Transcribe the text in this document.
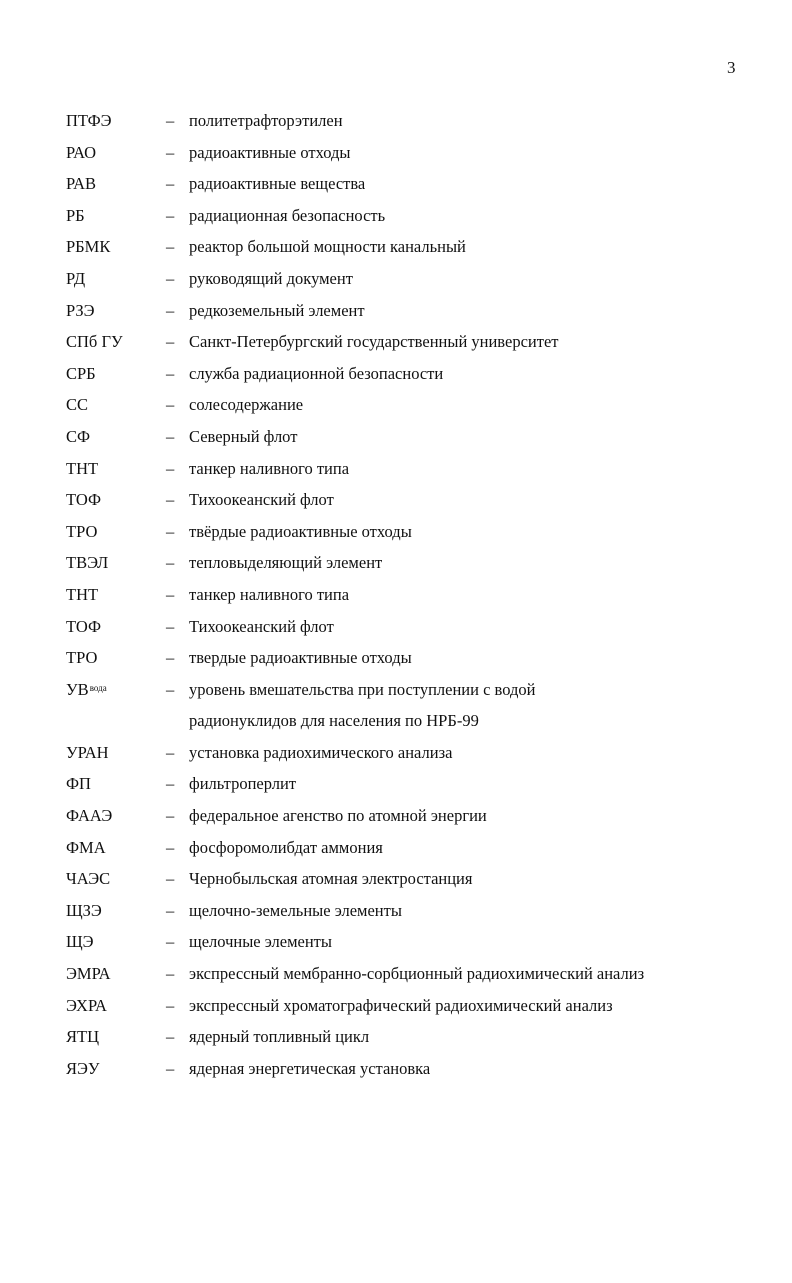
3
ПТФЭ	– политетрафторэтилен
РАО	– радиоактивные отходы
РАВ	– радиоактивные вещества
РБ	– радиационная безопасность
РБМК	– реактор большой мощности канальный
РД	– руководящий документ
РЗЭ	– редкоземельный элемент
СПб ГУ	– Санкт-Петербургский государственный университет
СРБ	– служба радиационной безопасности
СС	– солесодержание
СФ	– Северный флот
ТНТ	– танкер наливного типа
ТОФ	– Тихоокеанский флот
ТРО	– твёрдые радиоактивные отходы
ТВЭЛ	– тепловыделяющий элемент
ТНТ	– танкер наливного типа
ТОФ	– Тихоокеанский флот
ТРО	– твердые радиоактивные отходы
$УВ^{вода}$	– уровень вмешательства при поступлении с водой
радионуклидов для населения по НРБ-99
УРАН	– установка радиохимического анализа
ФП	– фильтроперлит
ФААЭ	– федеральное агенство по атомной энергии
ФМА	– фосфоромолибдат аммония
ЧАЭС	– Чернобыльская атомная электростанция
ЩЗЭ	– щелочно-земельные элементы
ЩЭ	– щелочные элементы
ЭМРА	– экспрессный мембранно-сорбционный радиохимический анализ
ЭХРА	– экспрессный хроматографический радиохимический анализ
ЯТЦ	– ядерный топливный цикл
ЯЭУ	– ядерная энергетическая установка
